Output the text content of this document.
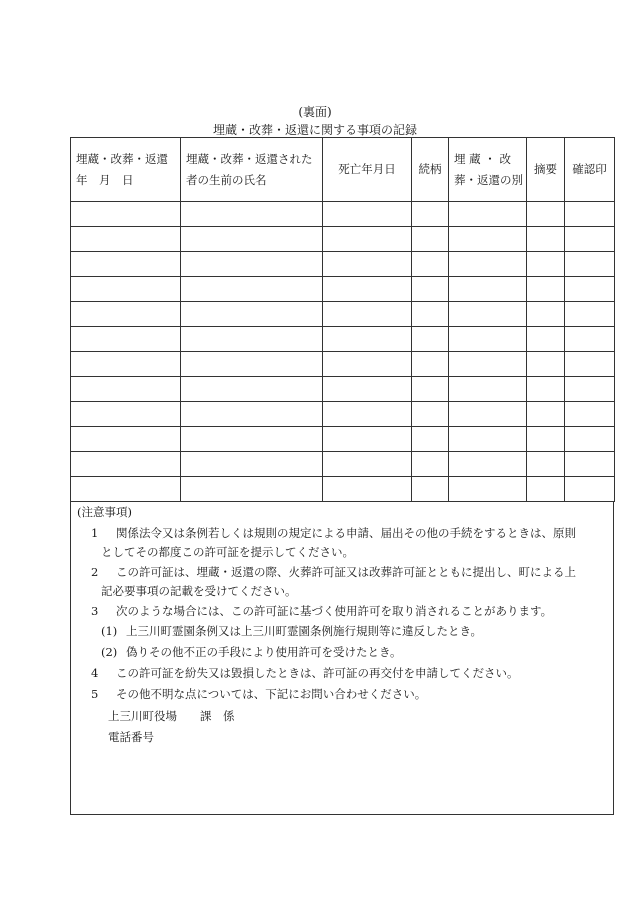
(裏面)
埋蔵・改葬・返還に関する事項の記録
埋蔵・改葬・返還 年　月　日	埋蔵・改葬・返還された者の生前の氏名	死亡年月日	続柄	埋 蔵 ・ 改葬・返還の別	摘要	確認印

(注意事項)
1 関係法令又は条例若しくは規則の規定による申請、届出その他の手続をするときは、原則
としてその都度この許可証を提示してください。
2 この許可証は、埋蔵・返還の際、火葬許可証又は改葬許可証とともに提出し、町による上
記必要事項の記載を受けてください。
3 次のような場合には、この許可証に基づく使用許可を取り消されることがあります。
(1) 上三川町霊園条例又は上三川町霊園条例施行規則等に違反したとき。
(2) 偽りその他不正の手段により使用許可を受けたとき。
4 この許可証を紛失又は毀損したときは、許可証の再交付を申請してください。
5 その他不明な点については、下記にお問い合わせください。
上三川町役場　　課　係
電話番号
